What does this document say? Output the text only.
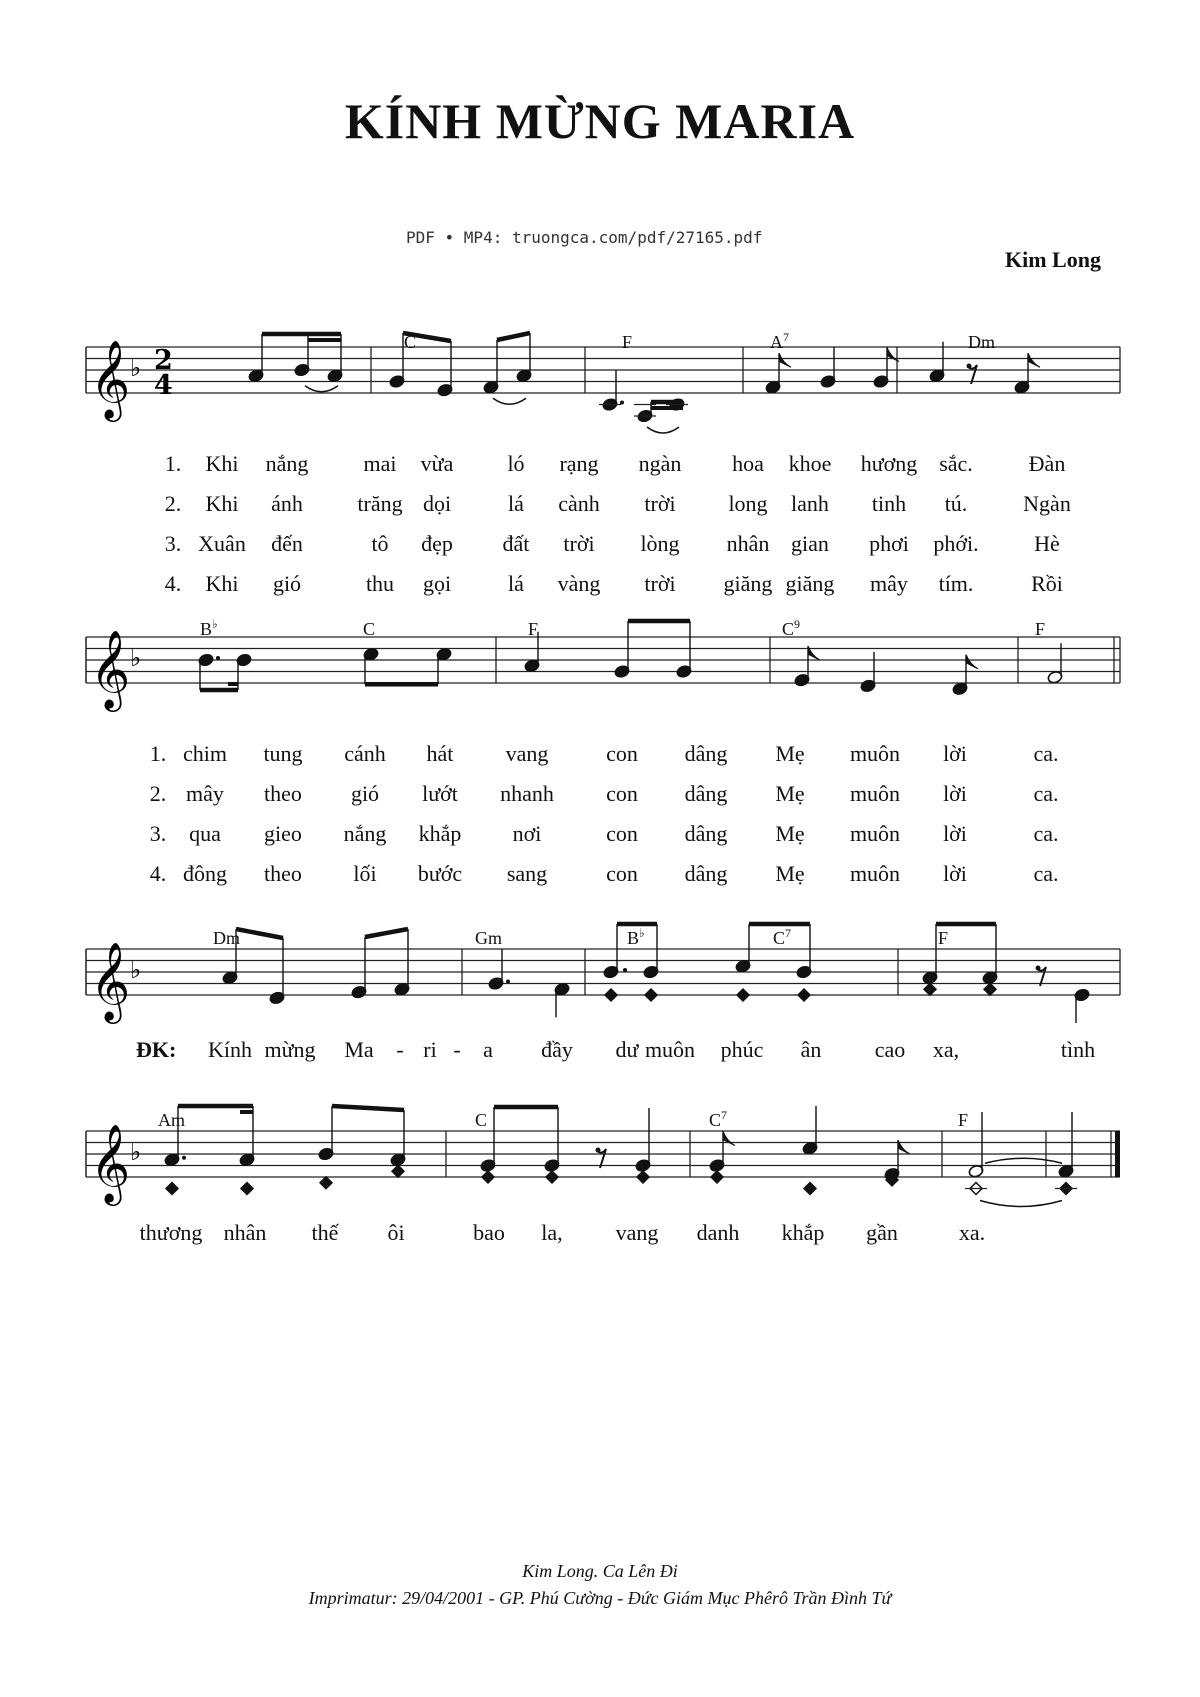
KÍNH MỪNG MARIA
PDF • MP4: truongca.com/pdf/27165.pdf
Kim Long
𝄞 ♭ 2
4
𝄞 ♭
𝄞 ♭
𝄞 ♭
C	F	$A^7$	Dm
B♭	C	F	$C^9$	F
Dm	Gm	B♭	$C^7$	F
Am	C	$C^7$	F
1.	Khi	nắng	mai	vừa	ló	rạng	ngàn	hoa	khoe	hương sắc.	Đàn
2.	Khi	ánh	trăng dọi	lá	cành	trời	long	lanh	tinh	tú.	Ngàn
3. Xuân	đến	tô	đẹp	đất	trời	lòng	nhân gian	phơi	phới.	Hè
4.	Khi	gió	thu	gọi	lá	vàng	trời	giăng giăng	mây	tím.	Rồi
1. chim	tung	cánh	hát	vang	con	dâng	Mẹ	muôn	lời	ca.
2. mây	theo	gió	lướt	nhanh	con	dâng	Mẹ	muôn	lời	ca.
3.	qua	gieo	nắng	khắp	nơi	con	dâng	Mẹ	muôn	lời	ca.
4. đông	theo	lối	bước	sang	con	dâng	Mẹ	muôn	lời	ca.
ĐK:	Kính mừng	Ma	- ri -	a	đầy	dư muôn	phúc	ân	cao	xa,	tình
thương nhân	thế	ôi	bao	la,	vang	danh	khắp	gần	xa.
Kim Long. Ca Lên Đi
Imprimatur: 29/04/2001 - GP. Phú Cường - Đức Giám Mục Phêrô Trần Đình Tứ
